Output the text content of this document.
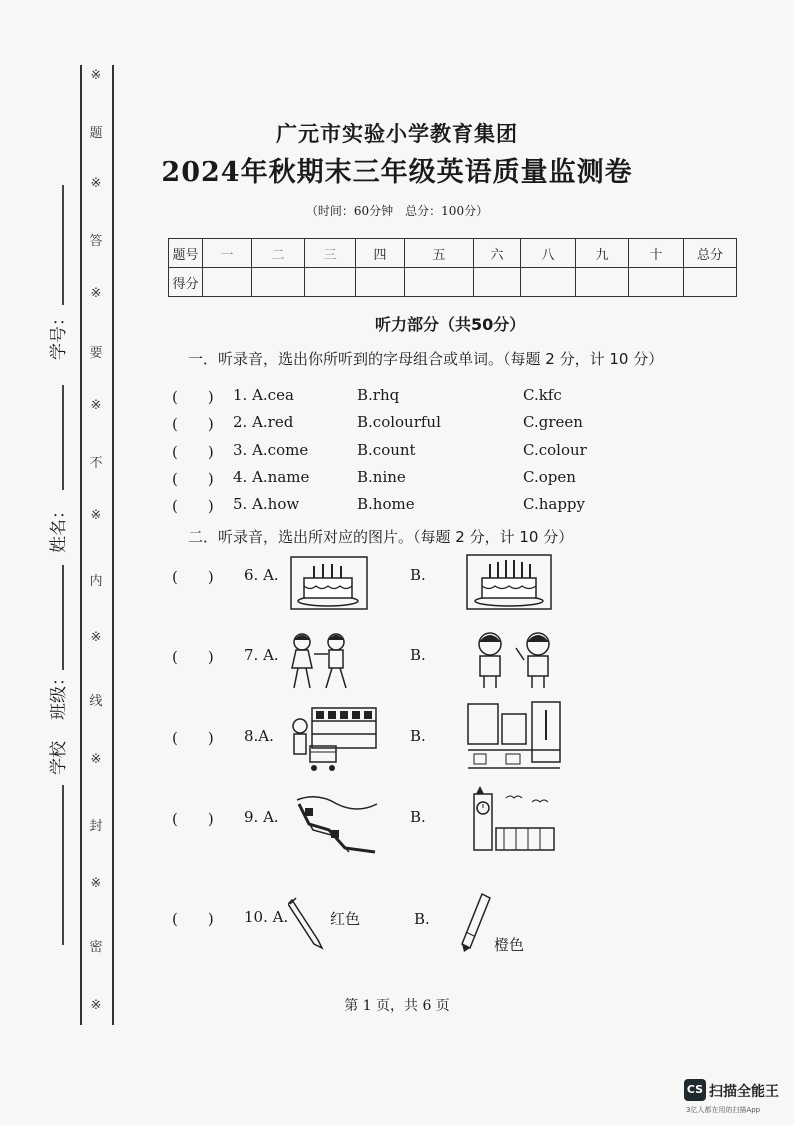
※
题
※
答
※
要
※
不
※
内
※
线
※
封
※
密
※
学号：
姓名：
班级：
学校
广元市实验小学教育集团
2024年秋期末三年级英语质量监测卷
（时间：60分钟　总分：100分）
题号	一	二	三	四	五	六	八	九	十	总分
得分										
听力部分（共50分）
一．听录音，选出你所听到的字母组合或单词。（每题 2 分，计 10 分）
(　　) 1. A.cea	B.rhq	C.kfc
(　　) 2. A.red	B.colourful	C.green
(　　) 3. A.come	B.count	C.colour
(　　) 4. A.name	B.nine	C.open
(　　) 5. A.how	B.home	C.happy
二．听录音，选出所对应的图片。（每题 2 分，计 10 分）
(　　) 6. A.	B.
(　　) 7. A.	B.
(　　) 8.A.	B.
(　　) 9. A.	B.
(　　) 10. A.	红色	B.
橙色
第 1 页，共 6 页
CS 扫描全能王
3亿人都在用的扫描App
